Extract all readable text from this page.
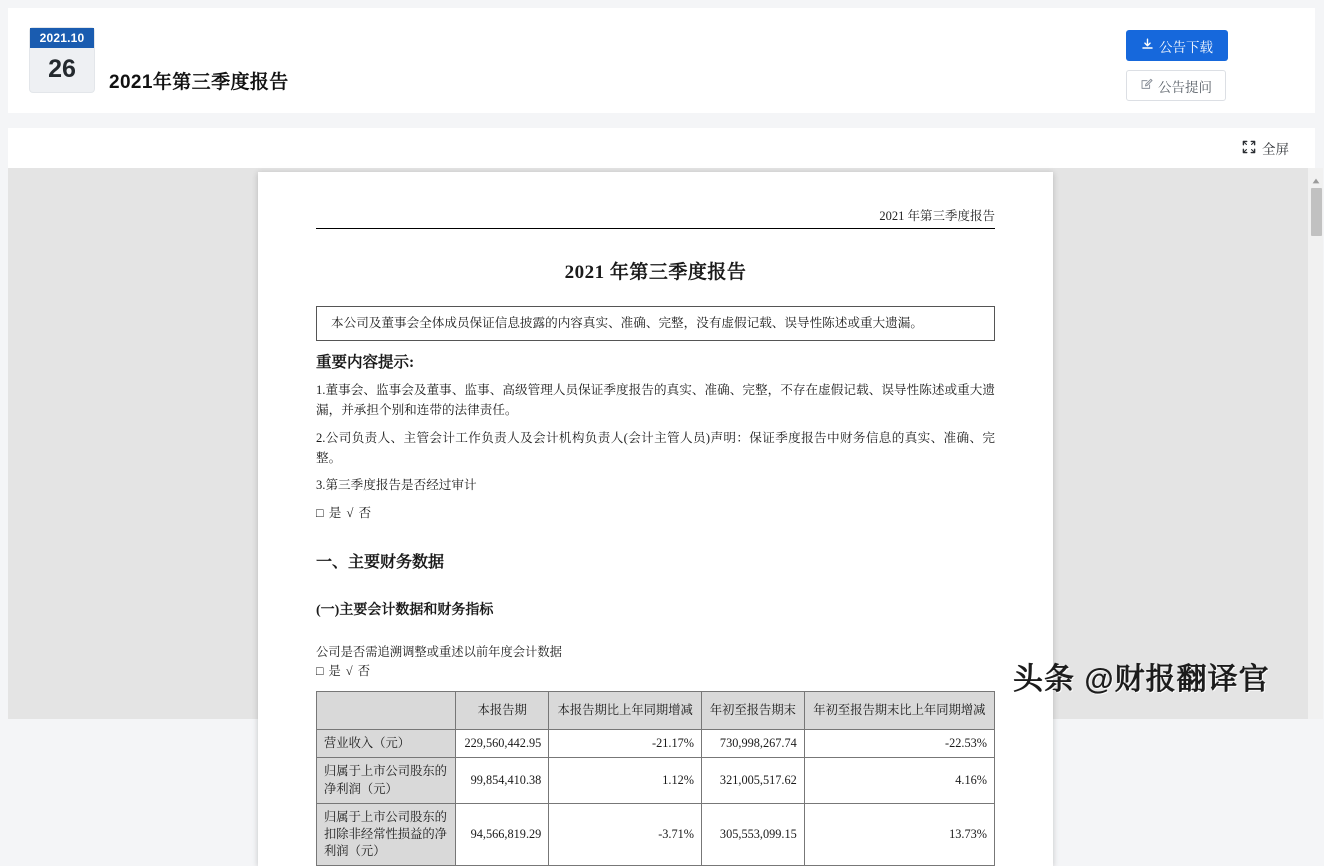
2021.10
26	2021年第三季度报告
公告下载
公告提问
全屏
2021 年第三季度报告
2021 年第三季度报告
本公司及董事会全体成员保证信息披露的内容真实、准确、完整，没有虚假记载、误导性陈述或重大遗漏。
重要内容提示:
1.董事会、监事会及董事、监事、高级管理人员保证季度报告的真实、准确、完整，不存在虚假记载、误导性陈述或重大遗漏，并承担个别和连带的法律责任。
2.公司负责人、主管会计工作负责人及会计机构负责人(会计主管人员)声明：保证季度报告中财务信息的真实、准确、完整。
3.第三季度报告是否经过审计
□ 是 √ 否
一、主要财务数据
(一)主要会计数据和财务指标
公司是否需追溯调整或重述以前年度会计数据
□ 是 √ 否
	本报告期	本报告期比上年同期增减	年初至报告期末	年初至报告期末比上年同期增减
营业收入（元）	229,560,442.95	-21.17%	730,998,267.74	-22.53%
归属于上市公司股东的净利润（元）	99,854,410.38	1.12%	321,005,517.62	4.16%
归属于上市公司股东的扣除非经常性损益的净利润（元）	94,566,819.29	-3.71%	305,553,099.15	13.73%
头条 @财报翻译官
